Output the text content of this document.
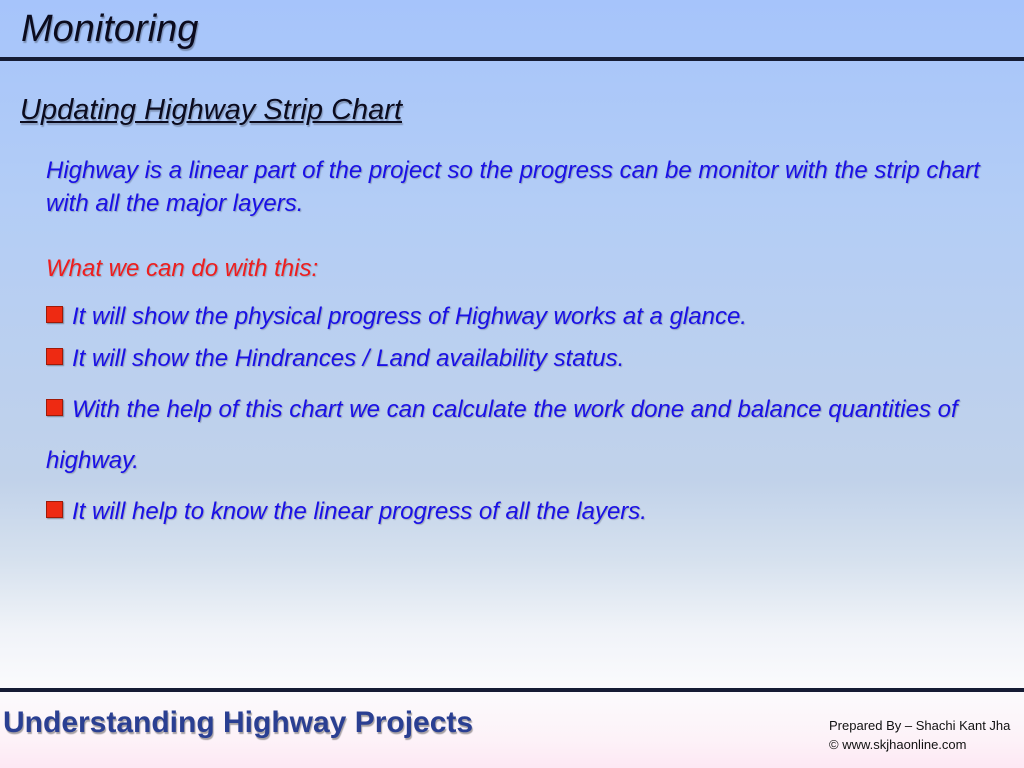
Monitoring
Updating Highway Strip Chart

Highway is a linear part of the project so the progress can be monitor with the strip chart with all the major layers.

What we can do with this:

It will show the physical progress of Highway works at a glance.
It will show the Hindrances / Land availability status.
With the help of this chart we can calculate the work done and balance quantities of highway.
It will help to know the linear progress of all the layers.
Understanding Highway Projects	Prepared By – Shachi Kant Jha
© www.skjhaonline.com
